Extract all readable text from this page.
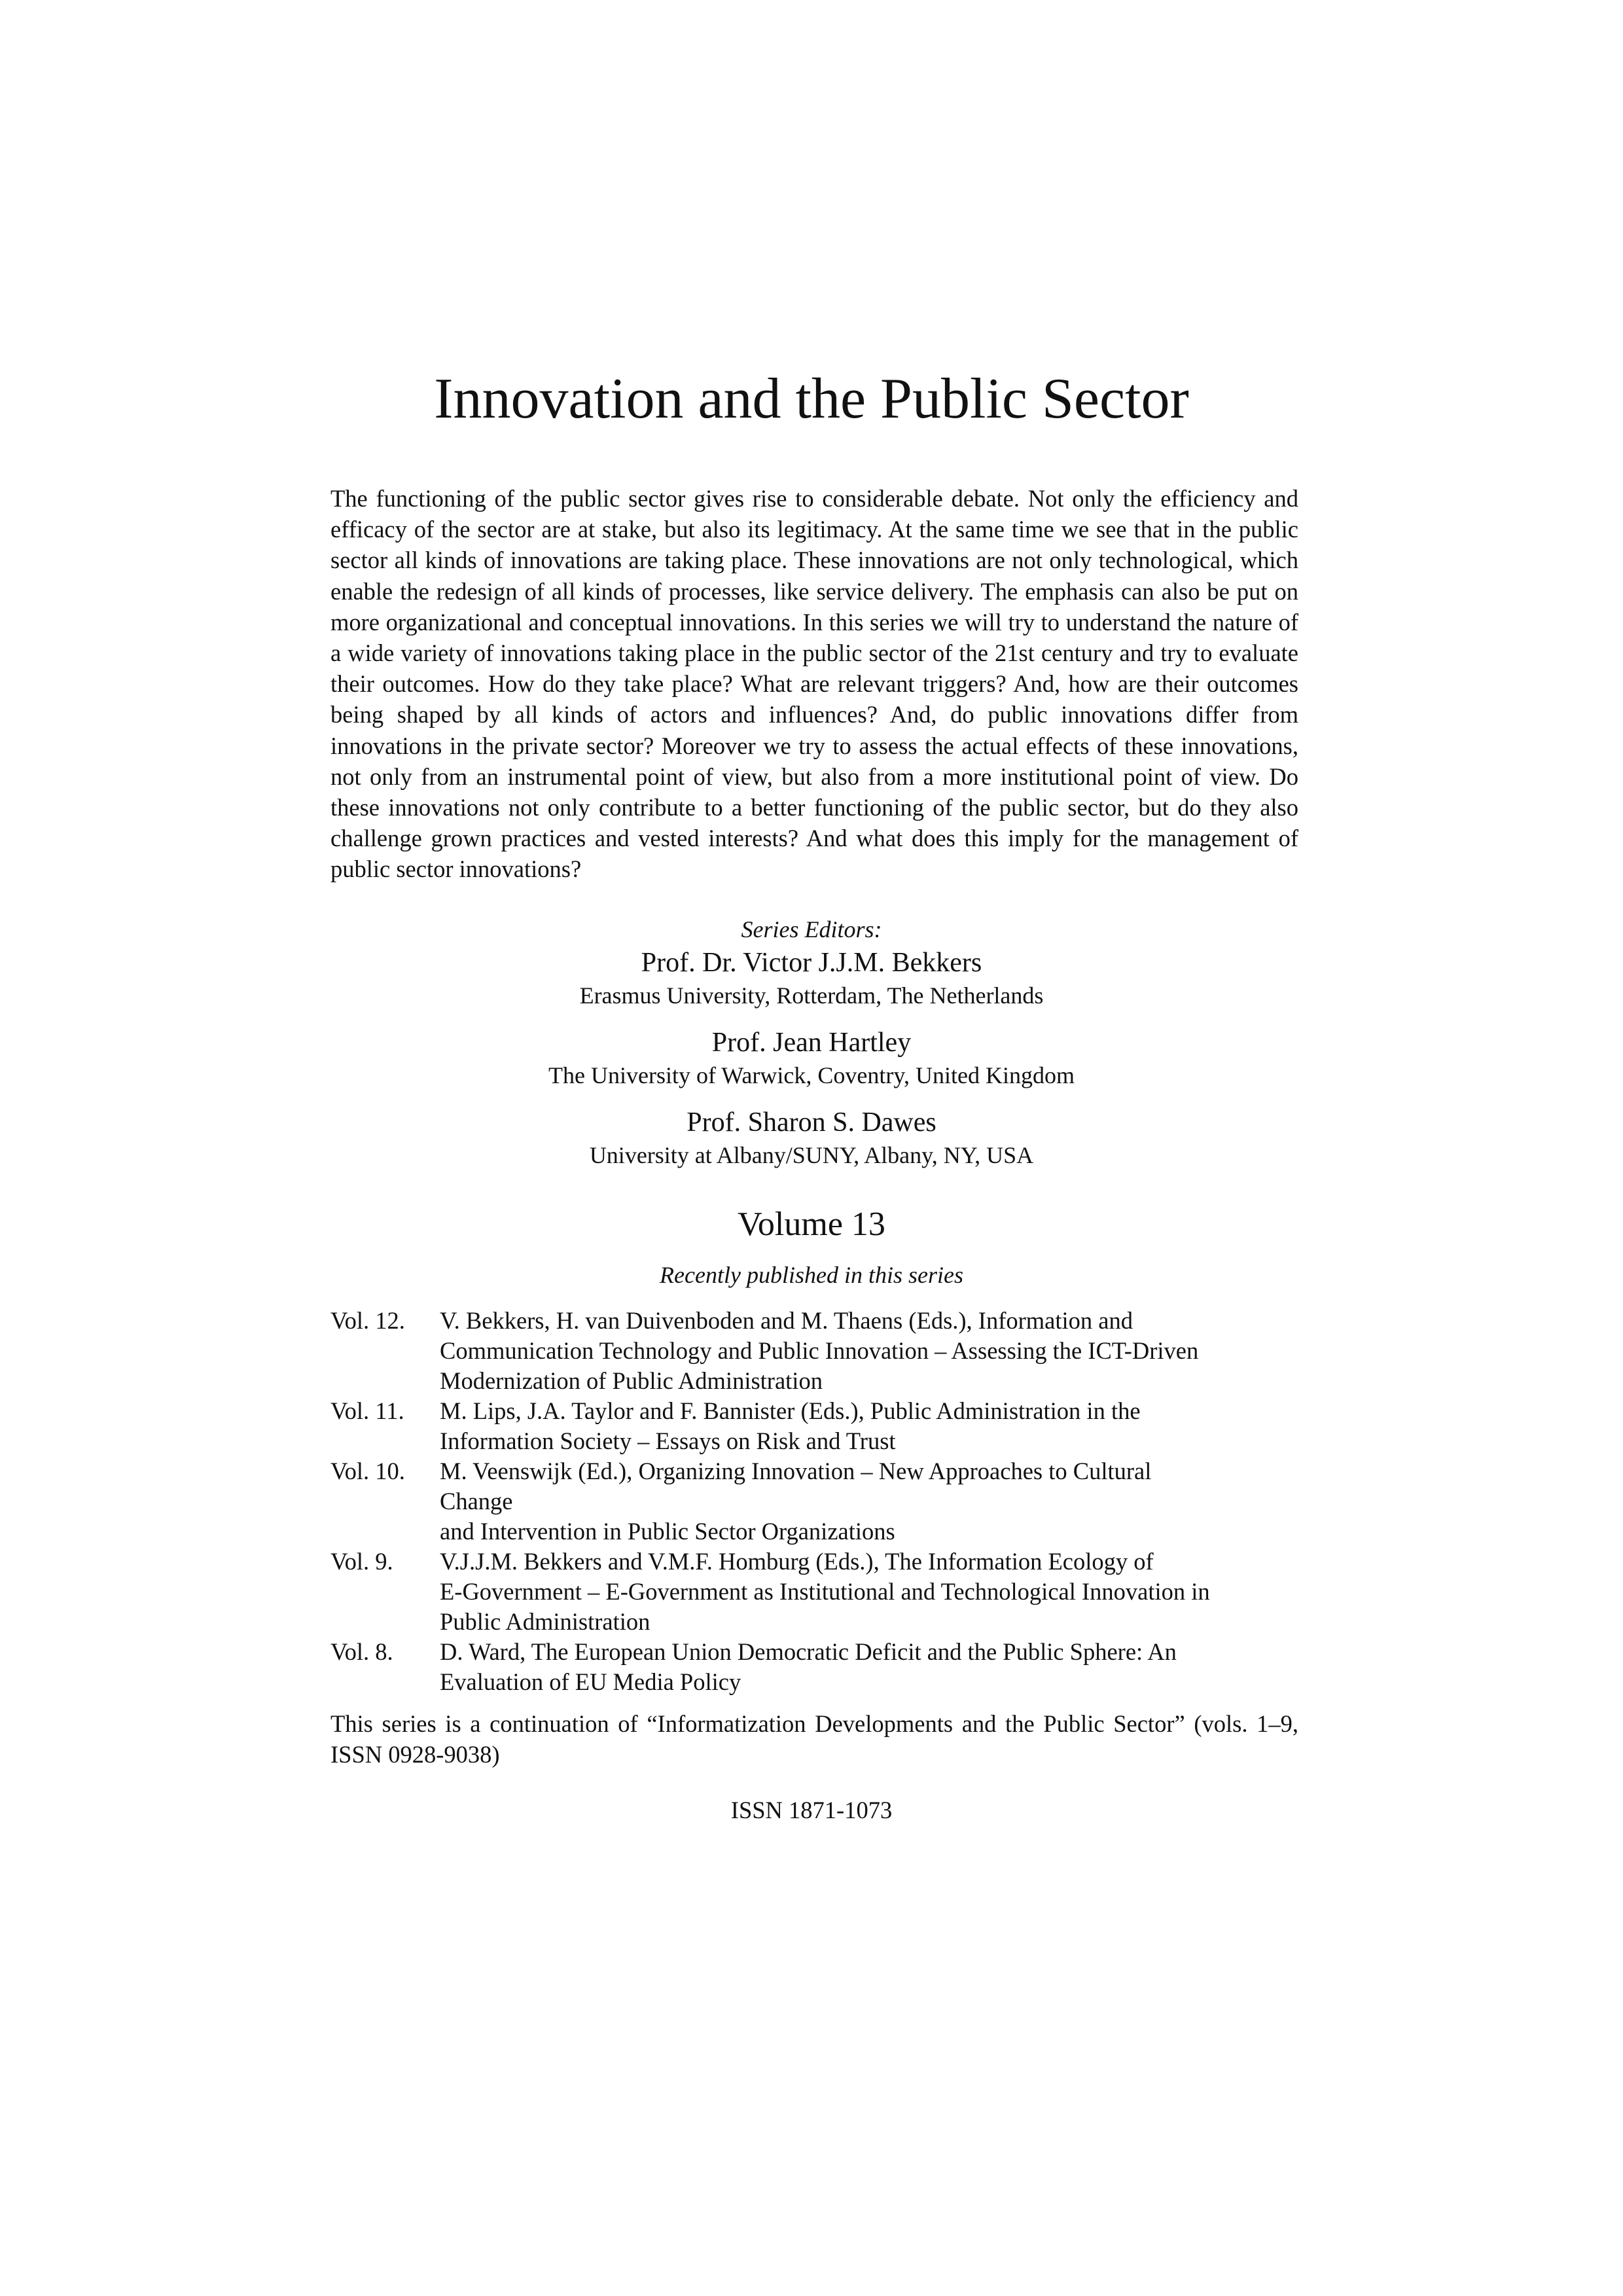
Innovation and the Public Sector

The functioning of the public sector gives rise to considerable debate. Not only the efficiency and efficacy of the sector are at stake, but also its legitimacy. At the same time we see that in the public sector all kinds of innovations are taking place. These innovations are not only technological, which enable the redesign of all kinds of processes, like service delivery. The emphasis can also be put on more organizational and conceptual innovations. In this series we will try to understand the nature of a wide variety of innovations taking place in the public sector of the 21st century and try to evaluate their outcomes. How do they take place? What are relevant triggers? And, how are their outcomes being shaped by all kinds of actors and influences? And, do public innovations differ from innovations in the private sector? Moreover we try to assess the actual effects of these innovations, not only from an instrumental point of view, but also from a more institutional point of view. Do these innovations not only contribute to a better functioning of the public sector, but do they also challenge grown practices and vested interests? And what does this imply for the management of public sector innovations?

Series Editors:

Prof. Dr. Victor J.J.M. Bekkers
Erasmus University, Rotterdam, The Netherlands
Prof. Jean Hartley
The University of Warwick, Coventry, United Kingdom
Prof. Sharon S. Dawes
University at Albany/SUNY, Albany, NY, USA
Volume 13

Recently published in this series

Vol. 12.	V. Bekkers, H. van Duivenboden and M. Thaens (Eds.), Information and
Communication Technology and Public Innovation – Assessing the ICT-Driven
Modernization of Public Administration
Vol. 11.	M. Lips, J.A. Taylor and F. Bannister (Eds.), Public Administration in the
Information Society – Essays on Risk and Trust
Vol. 10.	M. Veenswijk (Ed.), Organizing Innovation – New Approaches to Cultural Change
and Intervention in Public Sector Organizations
Vol. 9.	V.J.J.M. Bekkers and V.M.F. Homburg (Eds.), The Information Ecology of
E-Government – E-Government as Institutional and Technological Innovation in
Public Administration
Vol. 8.	D. Ward, The European Union Democratic Deficit and the Public Sphere: An
Evaluation of EU Media Policy

This series is a continuation of “Informatization Developments and the Public Sector” (vols. 1–9, ISSN 0928-9038)

ISSN 1871-1073
